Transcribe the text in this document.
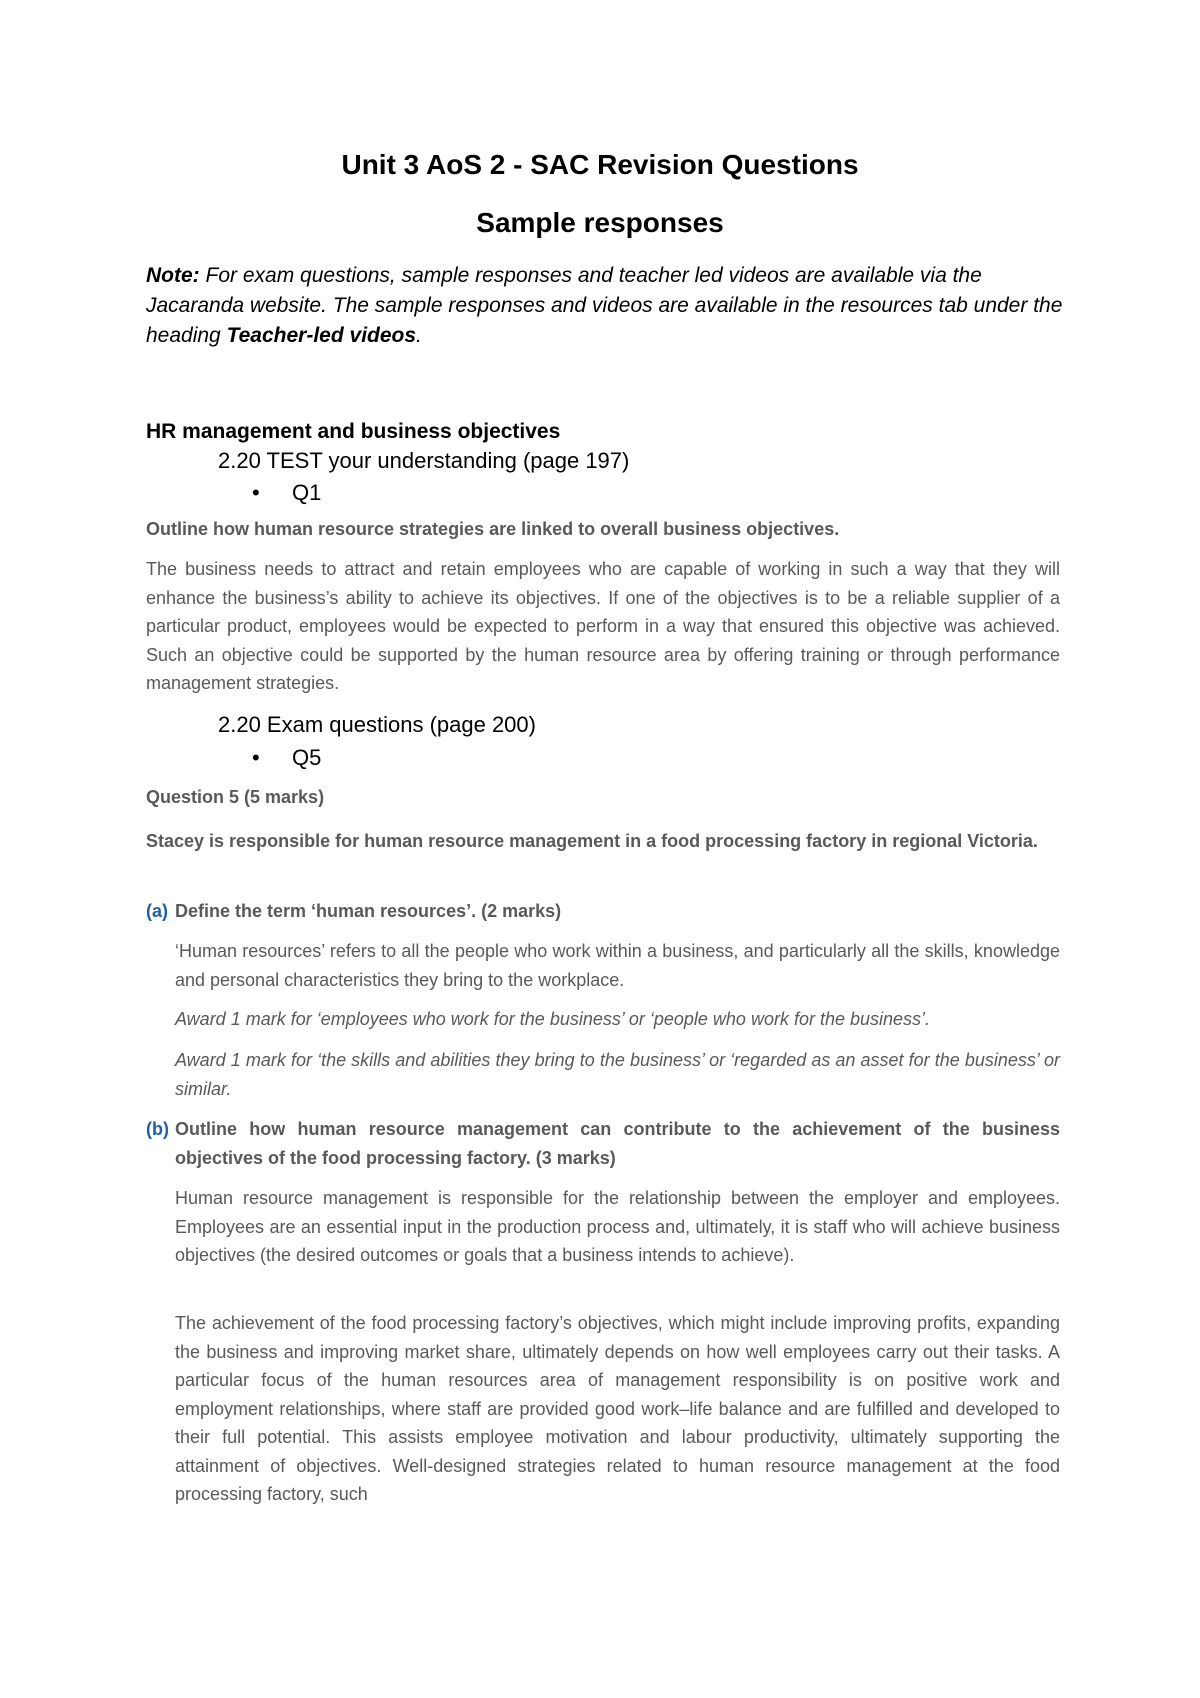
Unit 3 AoS 2 - SAC Revision Questions
Sample responses

Note: For exam questions, sample responses and teacher led videos are available via the Jacaranda website. The sample responses and videos are available in the resources tab under the heading Teacher-led videos.

HR management and business objectives

2.20 TEST your understanding (page 197)

• Q1

Outline how human resource strategies are linked to overall business objectives.

The business needs to attract and retain employees who are capable of working in such a way that they will enhance the business’s ability to achieve its objectives. If one of the objectives is to be a reliable supplier of a particular product, employees would be expected to perform in a way that ensured this objective was achieved. Such an objective could be supported by the human resource area by offering training or through performance management strategies.

2.20 Exam questions (page 200)

• Q5

Question 5 (5 marks)

Stacey is responsible for human resource management in a food processing factory in regional Victoria.

(a) Define the term ‘human resources’. (2 marks)

‘Human resources’ refers to all the people who work within a business, and particularly all the skills, knowledge and personal characteristics they bring to the workplace.

Award 1 mark for ‘employees who work for the business’ or ‘people who work for the business’.

Award 1 mark for ‘the skills and abilities they bring to the business’ or ‘regarded as an asset for the business’ or similar.

(b) Outline how human resource management can contribute to the achievement of the business objectives of the food processing factory. (3 marks)

Human resource management is responsible for the relationship between the employer and employees. Employees are an essential input in the production process and, ultimately, it is staff who will achieve business objectives (the desired outcomes or goals that a business intends to achieve).

The achievement of the food processing factory’s objectives, which might include improving profits, expanding the business and improving market share, ultimately depends on how well employees carry out their tasks. A particular focus of the human resources area of management responsibility is on positive work and employment relationships, where staff are provided good work–life balance and are fulfilled and developed to their full potential. This assists employee motivation and labour productivity, ultimately supporting the attainment of objectives. Well-designed strategies related to human resource management at the food processing factory, such
